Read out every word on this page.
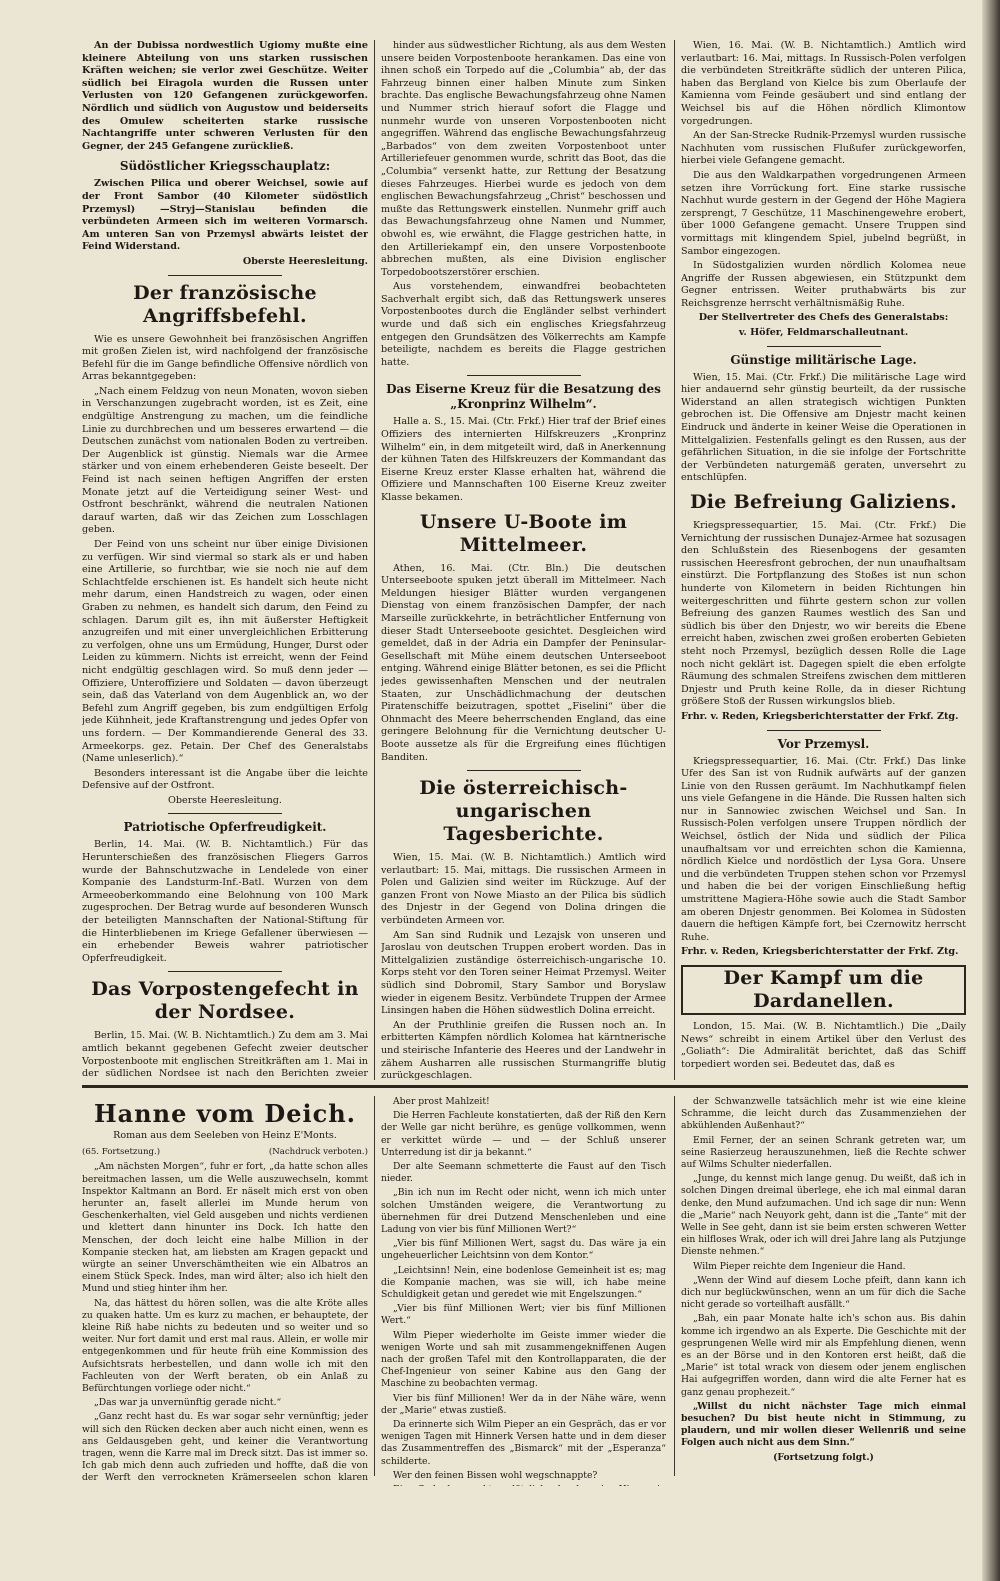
An der Dubissa nordwestlich Ugiomy mußte eine kleinere Abteilung von uns starken russischen Kräften weichen; sie verlor zwei Geschütze. Weiter südlich bei Eiragola wurden die Russen unter Verlusten von 120 Gefangenen zurückgeworfen. Nördlich und südlich von Augustow und beiderseits des Omulew scheiterten starke russische Nachtangriffe unter schweren Verlusten für den Gegner, der 245 Gefangene zurückließ.

Südöstlicher Kriegsschauplatz:

Zwischen Pilica und oberer Weichsel, sowie auf der Front Sambor (40 Kilometer südöstlich Przemysl) —Stryj—Stanislau befinden die verbündeten Armeen sich im weiteren Vormarsch. Am unteren San von Przemysl abwärts leistet der Feind Widerstand.

Oberste Heeresleitung.
Der französische Angriffsbefehl.

Wie es unsere Gewohnheit bei französischen Angriffen mit großen Zielen ist, wird nachfolgend der französische Befehl für die im Gange befindliche Offensive nördlich von Arras bekanntgegeben:

„Nach einem Feldzug von neun Monaten, wovon sieben in Verschanzungen zugebracht worden, ist es Zeit, eine endgültige Anstrengung zu machen, um die feindliche Linie zu durchbrechen und um besseres erwartend — die Deutschen zunächst vom nationalen Boden zu vertreiben. Der Augenblick ist günstig. Niemals war die Armee stärker und von einem erhebenderen Geiste beseelt. Der Feind ist nach seinen heftigen Angriffen der ersten Monate jetzt auf die Verteidigung seiner West- und Ostfront beschränkt, während die neutralen Nationen darauf warten, daß wir das Zeichen zum Losschlagen geben.

Der Feind von uns scheint nur über einige Divisionen zu verfügen. Wir sind viermal so stark als er und haben eine Artillerie, so furchtbar, wie sie noch nie auf dem Schlachtfelde erschienen ist. Es handelt sich heute nicht mehr darum, einen Handstreich zu wagen, oder einen Graben zu nehmen, es handelt sich darum, den Feind zu schlagen. Darum gilt es, ihn mit äußerster Heftigkeit anzugreifen und mit einer unvergleichlichen Erbitterung zu verfolgen, ohne uns um Ermüdung, Hunger, Durst oder Leiden zu kümmern. Nichts ist erreicht, wenn der Feind nicht endgültig geschlagen wird. So muß denn jeder — Offiziere, Unteroffiziere und Soldaten — davon überzeugt sein, daß das Vaterland von dem Augenblick an, wo der Befehl zum Angriff gegeben, bis zum endgültigen Erfolg jede Kühnheit, jede Kraftanstrengung und jedes Opfer von uns fordern. — Der Kommandierende General des 33. Armeekorps. gez. Petain. Der Chef des Generalstabs (Name unleserlich).“

Besonders interessant ist die Angabe über die leichte Defensive auf der Ostfront.

Oberste Heeresleitung.
Patriotische Opferfreudigkeit.

Berlin, 14. Mai. (W. B. Nichtamtlich.) Für das Herunterschießen des französischen Fliegers Garros wurde der Bahnschutzwache in Lendelede von einer Kompanie des Landsturm-Inf.-Batl. Wurzen von dem Armeeoberkommando eine Belohnung von 100 Mark zugesprochen. Der Betrag wurde auf besonderen Wunsch der beteiligten Mannschaften der National-Stiftung für die Hinterbliebenen im Kriege Gefallener überwiesen — ein erhebender Beweis wahrer patriotischer Opferfreudigkeit.

Das Vorpostengefecht in der Nordsee.

Berlin, 15. Mai. (W. B. Nichtamtlich.) Zu dem am 3. Mai amtlich bekannt gegebenen Gefecht zweier deutscher Vorpostenboote mit englischen Streitkräften am 1. Mai in der südlichen Nordsee ist nach den Berichten zweier

hinder aus südwestlicher Richtung, als aus dem Westen unsere beiden Vorpostenboote herankamen. Das eine von ihnen schoß ein Torpedo auf die „Columbia“ ab, der das Fahrzeug binnen einer halben Minute zum Sinken brachte. Das englische Bewachungsfahrzeug ohne Namen und Nummer strich hierauf sofort die Flagge und nunmehr wurde von unseren Vorpostenbooten nicht angegriffen. Während das englische Bewachungsfahrzeug „Barbados“ von dem zweiten Vorpostenboot unter Artilleriefeuer genommen wurde, schritt das Boot, das die „Columbia“ versenkt hatte, zur Rettung der Besatzung dieses Fahrzeuges. Hierbei wurde es jedoch von dem englischen Bewachungsfahrzeug „Christ“ beschossen und mußte das Rettungswerk einstellen. Nunmehr griff auch das Bewachungsfahrzeug ohne Namen und Nummer, obwohl es, wie erwähnt, die Flagge gestrichen hatte, in den Artilleriekampf ein, den unsere Vorpostenboote abbrechen mußten, als eine Division englischer Torpedobootszerstörer erschien.

Aus vorstehendem, einwandfrei beobachteten Sachverhalt ergibt sich, daß das Rettungswerk unseres Vorpostenbootes durch die Engländer selbst verhindert wurde und daß sich ein englisches Kriegsfahrzeug entgegen den Grundsätzen des Völkerrechts am Kampfe beteiligte, nachdem es bereits die Flagge gestrichen hatte.

Das Eiserne Kreuz für die Besatzung des „Kronprinz Wilhelm“.

Halle a. S., 15. Mai. (Ctr. Frkf.) Hier traf der Brief eines Offiziers des internierten Hilfskreuzers „Kronprinz Wilhelm“ ein, in dem mitgeteilt wird, daß in Anerkennung der kühnen Taten des Hilfskreuzers der Kommandant das Eiserne Kreuz erster Klasse erhalten hat, während die Offiziere und Mannschaften 100 Eiserne Kreuz zweiter Klasse bekamen.

Unsere U-Boote im Mittelmeer.

Athen, 16. Mai. (Ctr. Bln.) Die deutschen Unterseeboote spuken jetzt überall im Mittelmeer. Nach Meldungen hiesiger Blätter wurden vergangenen Dienstag von einem französischen Dampfer, der nach Marseille zurückkehrte, in beträchtlicher Entfernung von dieser Stadt Unterseeboote gesichtet. Desgleichen wird gemeldet, daß in der Adria ein Dampfer der Peninsular-Gesellschaft mit Mühe einem deutschen Unterseeboot entging. Während einige Blätter betonen, es sei die Pflicht jedes gewissenhaften Menschen und der neutralen Staaten, zur Unschädlichmachung der deutschen Piratenschiffe beizutragen, spottet „Fiselini“ über die Ohnmacht des Meere beherrschenden England, das eine geringere Belohnung für die Vernichtung deutscher U-Boote aussetze als für die Ergreifung eines flüchtigen Banditen.

Die österreichisch-ungarischen Tagesberichte.

Wien, 15. Mai. (W. B. Nichtamtlich.) Amtlich wird verlautbart: 15. Mai, mittags. Die russischen Armeen in Polen und Galizien sind weiter im Rückzuge. Auf der ganzen Front von Nowe Miasto an der Pilica bis südlich des Dnjestr in der Gegend von Dolina dringen die verbündeten Armeen vor.

Am San sind Rudnik und Lezajsk von unseren und Jaroslau von deutschen Truppen erobert worden. Das in Mittelgalizien zuständige österreichisch-ungarische 10. Korps steht vor den Toren seiner Heimat Przemysl. Weiter südlich sind Dobromil, Stary Sambor und Boryslaw wieder in eigenem Besitz. Verbündete Truppen der Armee Linsingen haben die Höhen südwestlich Dolina erreicht.

An der Pruthlinie greifen die Russen noch an. In erbitterten Kämpfen nördlich Kolomea hat kärntnerische und steirische Infanterie des Heeres und der Landwehr in zähem Ausharren alle russischen Sturmangriffe blutig zurückgeschlagen.

Wien, 16. Mai. (W. B. Nichtamtlich.) Amtlich wird verlautbart: 16. Mai, mittags. In Russisch-Polen verfolgen die verbündeten Streitkräfte südlich der unteren Pilica, haben das Bergland von Kielce bis zum Oberlaufe der Kamienna vom Feinde gesäubert und sind entlang der Weichsel bis auf die Höhen nördlich Klimontow vorgedrungen.

An der San-Strecke Rudnik-Przemysl wurden russische Nachhuten vom russischen Flußufer zurückgeworfen, hierbei viele Gefangene gemacht.

Die aus den Waldkarpathen vorgedrungenen Armeen setzen ihre Vorrückung fort. Eine starke russische Nachhut wurde gestern in der Gegend der Höhe Magiera zersprengt, 7 Geschütze, 11 Maschinengewehre erobert, über 1000 Gefangene gemacht. Unsere Truppen sind vormittags mit klingendem Spiel, jubelnd begrüßt, in Sambor eingezogen.

In Südostgalizien wurden nördlich Kolomea neue Angriffe der Russen abgewiesen, ein Stützpunkt dem Gegner entrissen. Weiter pruthabwärts bis zur Reichsgrenze herrscht verhältnismäßig Ruhe.

Der Stellvertreter des Chefs des Generalstabs:
v. Höfer, Feldmarschalleutnant.
Günstige militärische Lage.

Wien, 15. Mai. (Ctr. Frkf.) Die militärische Lage wird hier andauernd sehr günstig beurteilt, da der russische Widerstand an allen strategisch wichtigen Punkten gebrochen ist. Die Offensive am Dnjestr macht keinen Eindruck und änderte in keiner Weise die Operationen in Mittelgalizien. Festenfalls gelingt es den Russen, aus der gefährlichen Situation, in die sie infolge der Fortschritte der Verbündeten naturgemäß geraten, unversehrt zu entschlüpfen.

Die Befreiung Galiziens.

Kriegspressequartier, 15. Mai. (Ctr. Frkf.) Die Vernichtung der russischen Dunajez-Armee hat sozusagen den Schlußstein des Riesenbogens der gesamten russischen Heeresfront gebrochen, der nun unaufhaltsam einstürzt. Die Fortpflanzung des Stoßes ist nun schon hunderte von Kilometern in beiden Richtungen hin weitergeschritten und führte gestern schon zur vollen Befreiung des ganzen Raumes westlich des San und südlich bis über den Dnjestr, wo wir bereits die Ebene erreicht haben, zwischen zwei großen eroberten Gebieten steht noch Przemysl, bezüglich dessen Rolle die Lage noch nicht geklärt ist. Dagegen spielt die eben erfolgte Räumung des schmalen Streifens zwischen dem mittleren Dnjestr und Pruth keine Rolle, da in dieser Richtung größere Stoß der Russen wirkungslos blieb.

Frhr. v. Reden, Kriegsberichterstatter der Frkf. Ztg.
Vor Przemysl.

Kriegspressequartier, 16. Mai. (Ctr. Frkf.) Das linke Ufer des San ist von Rudnik aufwärts auf der ganzen Linie von den Russen geräumt. Im Nachhutkampf fielen uns viele Gefangene in die Hände. Die Russen halten sich nur in Sannowiec zwischen Weichsel und San. In Russisch-Polen verfolgen unsere Truppen nördlich der Weichsel, östlich der Nida und südlich der Pilica unaufhaltsam vor und erreichten schon die Kamienna, nördlich Kielce und nordöstlich der Lysa Gora. Unsere und die verbündeten Truppen stehen schon vor Przemysl und haben die bei der vorigen Einschließung heftig umstrittene Magiera-Höhe sowie auch die Stadt Sambor am oberen Dnjestr genommen. Bei Kolomea in Südosten dauern die heftigen Kämpfe fort, bei Czernowitz herrscht Ruhe.

Frhr. v. Reden, Kriegsberichterstatter der Frkf. Ztg.
Der Kampf um die Dardanellen.

London, 15. Mai. (W. B. Nichtamtlich.) Die „Daily News“ schreibt in einem Artikel über den Verlust des „Goliath“: Die Admiralität berichtet, daß das Schiff torpediert worden sei. Bedeutet das, daß es

Hanne vom Deich.
Roman aus dem Seeleben von Heinz E'Monts.
(65. Fortsetzung.)	(Nachdruck verboten.)

„Am nächsten Morgen“, fuhr er fort, „da hatte schon alles bereitmachen lassen, um die Welle auszuwechseln, kommt Inspektor Kaltmann an Bord. Er näselt mich erst von oben herunter an, faselt allerlei im Munde herum von Geschenkerhalten, viel Geld ausgeben und nichts verdienen und klettert dann hinunter ins Dock. Ich hatte den Menschen, der doch leicht eine halbe Million in der Kompanie stecken hat, am liebsten am Kragen gepackt und würgte an seiner Unverschämtheiten wie ein Albatros an einem Stück Speck. Indes, man wird älter; also ich hielt den Mund und stieg hinter ihm her.

Na, das hättest du hören sollen, was die alte Kröte alles zu quaken hatte. Um es kurz zu machen, er behauptete, der kleine Riß habe nichts zu bedeuten und so weiter und so weiter. Nur fort damit und erst mal raus. Allein, er wolle mir entgegenkommen und für heute früh eine Kommission des Aufsichtsrats herbestellen, und dann wolle ich mit den Fachleuten von der Werft beraten, ob ein Anlaß zu Befürchtungen vorliege oder nicht.“

„Das war ja unvernünftig gerade nicht.“

„Ganz recht hast du. Es war sogar sehr vernünftig; jeder will sich den Rücken decken aber auch nicht einen, wenn es ans Geldausgeben geht, und keiner die Verantwortung tragen, wenn die Karre mal im Dreck sitzt. Das ist immer so. Ich gab mich denn auch zufrieden und hoffte, daß die von der Werft den verrockneten Krämerseelen schon klaren

Aber prost Mahlzeit!

Die Herren Fachleute konstatierten, daß der Riß den Kern der Welle gar nicht berühre, es genüge vollkommen, wenn er verkittet würde — und — der Schluß unserer Unterredung ist dir ja bekannt.“

Der alte Seemann schmetterte die Faust auf den Tisch nieder.

„Bin ich nun im Recht oder nicht, wenn ich mich unter solchen Umständen weigere, die Verantwortung zu übernehmen für drei Dutzend Menschenleben und eine Ladung von vier bis fünf Millionen Wert?“

„Vier bis fünf Millionen Wert, sagst du. Das wäre ja ein ungeheuerlicher Leichtsinn von dem Kontor.“

„Leichtsinn! Nein, eine bodenlose Gemeinheit ist es; mag die Kompanie machen, was sie will, ich habe meine Schuldigkeit getan und geredet wie mit Engelszungen.“

„Vier bis fünf Millionen Wert; vier bis fünf Millionen Wert.“

Wilm Pieper wiederholte im Geiste immer wieder die wenigen Worte und sah mit zusammengekniffenen Augen nach der großen Tafel mit den Kontrollapparaten, die der Chef-Ingenieur von seiner Kabine aus den Gang der Maschine zu beobachten vermag.

Vier bis fünf Millionen! Wer da in der Nähe wäre, wenn der „Marie“ etwas zustieß.

Da erinnerte sich Wilm Pieper an ein Gespräch, das er vor wenigen Tagen mit Hinnerk Versen hatte und in dem dieser das Zusammentreffen des „Bismarck“ mit der „Esperanza“ schilderte.

Wer den feinen Bissen wohl wegschnappte?

der Schwanzwelle tatsächlich mehr ist wie eine kleine Schramme, die leicht durch das Zusammenziehen der abkühlenden Außenhaut?“

Emil Ferner, der an seinen Schrank getreten war, um seine Rasierzeug herauszunehmen, ließ die Rechte schwer auf Wilms Schulter niederfallen.

„Junge, du kennst mich lange genug. Du weißt, daß ich in solchen Dingen dreimal überlege, ehe ich mal einmal daran denke, den Mund aufzumachen. Und ich sage dir nun: Wenn die „Marie“ nach Neuyork geht, dann ist die „Tante“ mit der Welle in See geht, dann ist sie beim ersten schweren Wetter ein hilfloses Wrak, oder ich will drei Jahre lang als Putzjunge Dienste nehmen.“

Wilm Pieper reichte dem Ingenieur die Hand.

„Wenn der Wind auf diesem Loche pfeift, dann kann ich dich nur beglückwünschen, wenn an um für dich die Sache nicht gerade so vorteilhaft ausfällt.“

„Bah, ein paar Monate halte ich's schon aus. Bis dahin komme ich irgendwo an als Experte. Die Geschichte mit der gesprungenen Welle wird mir als Empfehlung dienen, wenn es an der Börse und in den Kontoren erst heißt, daß die „Marie“ ist total wrack von diesem oder jenem englischen Hai aufgegriffen worden, dann wird die alte Ferner hat es ganz genau prophezeit.“

„Willst du nicht nächster Tage mich einmal besuchen? Du bist heute nicht in Stimmung, zu plaudern, und mir wollen dieser Wellenriß und seine Folgen auch nicht aus dem Sinn.“

(Fortsetzung folgt.)
